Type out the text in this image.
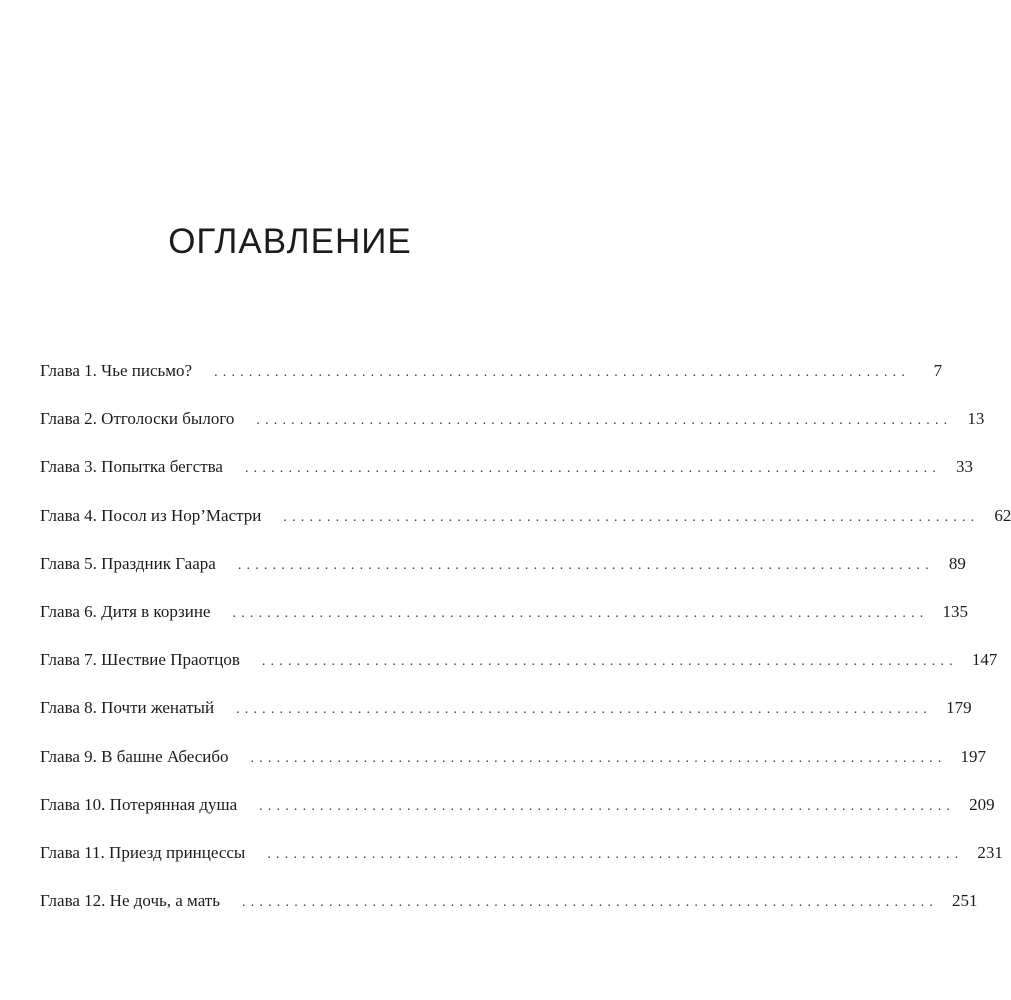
ОГЛАВЛЕНИЕ
Глава 1. Чье письмо?	................................................................................	7
Глава 2. Отголоски былого	................................................................................ 13
Глава 3. Попытка бегства	................................................................................ 33
Глава 4. Посол из Нор’Мастри	................................................................................ 62
Глава 5. Праздник Гаара	................................................................................ 89
Глава 6. Дитя в корзине	................................................................................ 135
Глава 7. Шествие Праотцов	................................................................................ 147
Глава 8. Почти женатый	................................................................................ 179
Глава 9. В башне Абесибо	................................................................................ 197
Глава 10. Потерянная душа	................................................................................ 209
Глава 11. Приезд принцессы	................................................................................ 231
Глава 12. Не дочь, а мать	................................................................................ 251
